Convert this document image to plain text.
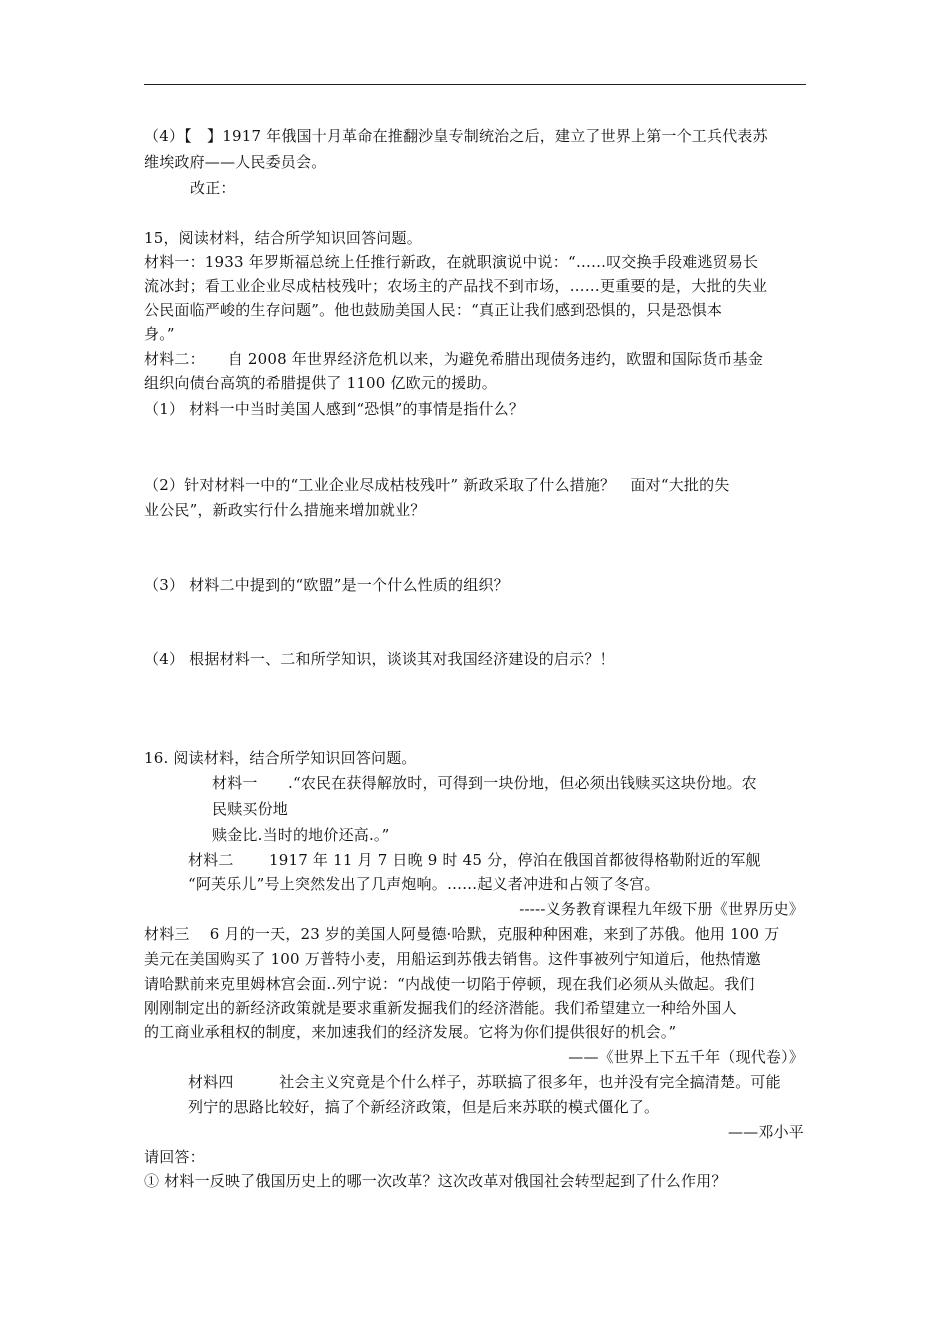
（4）【　】1917 年俄国十月革命在推翻沙皇专制统治之后，建立了世界上第一个工兵代表苏
维埃政府——人民委员会。
改正：
15，阅读材料，结合所学知识回答问题。
材料一：1933 年罗斯福总统上任推行新政，在就职演说中说：“……叹交换手段难逃贸易长
流冰封；看工业企业尽成枯枝残叶；农场主的产品找不到市场，……更重要的是，大批的失业
公民面临严峻的生存问题”。他也鼓励美国人民：“真正让我们感到恐惧的，只是恐惧本
身。”
材料二：　　自 2008 年世界经济危机以来，为避免希腊出现债务违约，欧盟和国际货币基金
组织向债台高筑的希腊提供了 1100 亿欧元的援助。
（1） 材料一中当时美国人感到“恐惧”的事情是指什么？
（2）针对材料一中的“工业企业尽成枯枝残叶” 新政采取了什么措施？　面对“大批的失
业公民”，新政实行什么措施来增加就业？
（3） 材料二中提到的“欧盟”是一个什么性质的组织？
（4） 根据材料一、二和所学知识，谈谈其对我国经济建设的启示？！
16. 阅读材料，结合所学知识回答问题。
材料一　　.“农民在获得解放时，可得到一块份地，但必须出钱赎买这块份地。农
民赎买份地
赎金比.当时的地价还高.。”
材料二　　 1917 年 11 月 7 日晚 9 时 45 分，停泊在俄国首都彼得格勒附近的军舰
“阿芙乐儿”号上突然发出了几声炮响。……起义者冲进和占领了冬宫。
-----义务教育课程九年级下册《世界历史》
材料三　 6 月的一天，23 岁的美国人阿曼德·哈默，克服种种困难，来到了苏俄。他用 100 万
美元在美国购买了 100 万普特小麦，用船运到苏俄去销售。这件事被列宁知道后，他热情邀
请哈默前来克里姆林宫会面..列宁说：“内战使一切陷于停顿，现在我们必须从头做起。我们
刚刚制定出的新经济政策就是要求重新发掘我们的经济潜能。我们希望建立一种给外国人
的工商业承租权的制度，来加速我们的经济发展。它将为你们提供很好的机会。”
——《世界上下五千年（现代卷）》
材料四　　　社会主义究竟是个什么样子，苏联搞了很多年，也并没有完全搞清楚。可能
列宁的思路比较好，搞了个新经济政策，但是后来苏联的模式僵化了。
——邓小平
请回答：
① 材料一反映了俄国历史上的哪一次改革？这次改革对俄国社会转型起到了什么作用？
